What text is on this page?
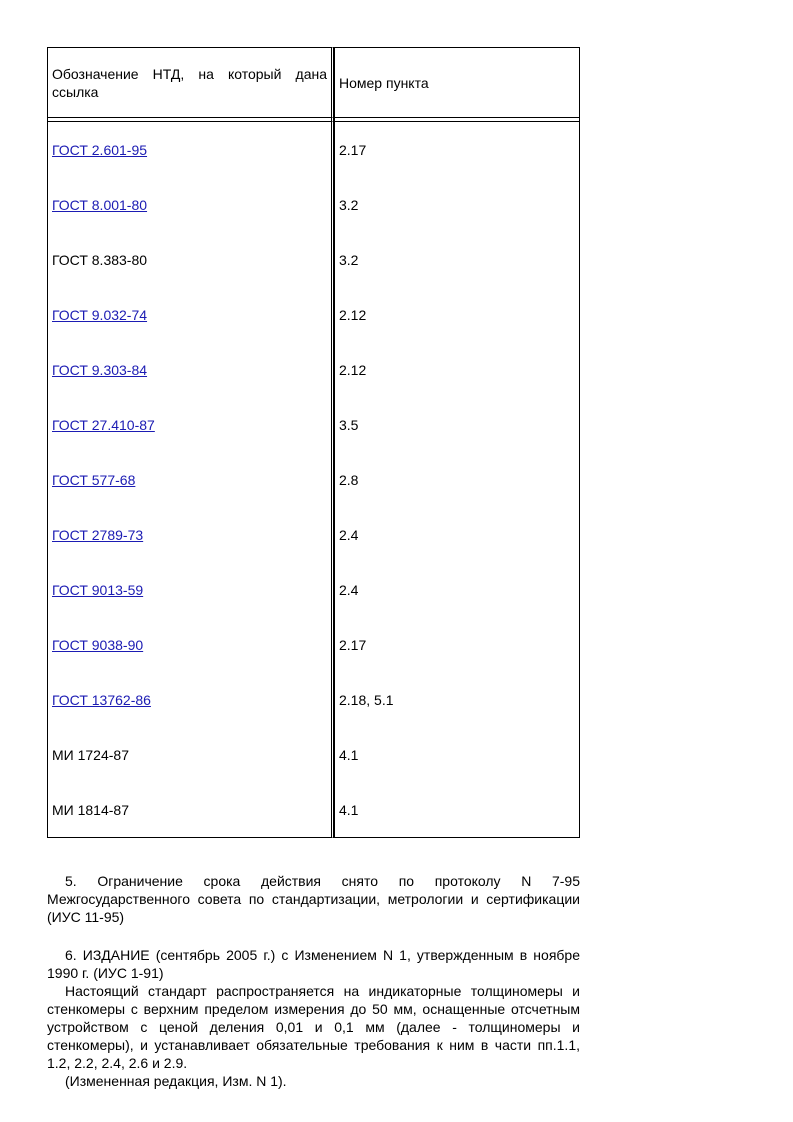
Обозначение НТД, на который дана ссылка	Номер пункта

ГОСТ 2.601-95	2.17
ГОСТ 8.001-80	3.2
ГОСТ 8.383-80	3.2
ГОСТ 9.032-74	2.12
ГОСТ 9.303-84	2.12
ГОСТ 27.410-87	3.5
ГОСТ 577-68	2.8
ГОСТ 2789-73	2.4
ГОСТ 9013-59	2.4
ГОСТ 9038-90	2.17
ГОСТ 13762-86	2.18, 5.1
МИ 1724-87	4.1
МИ 1814-87	4.1

5. Ограничение срока действия снято по протоколу N 7-95 Межгосударственного совета по стандартизации, метрологии и сертификации (ИУС 11-95)

6. ИЗДАНИЕ (сентябрь 2005 г.) с Изменением N 1, утвержденным в ноябре 1990 г. (ИУС 1-91)

Настоящий стандарт распространяется на индикаторные толщиномеры и стенкомеры с верхним пределом измерения до 50 мм, оснащенные отсчетным устройством с ценой деления 0,01 и 0,1 мм (далее - толщиномеры и стенкомеры), и устанавливает обязательные требования к ним в части пп.1.1, 1.2, 2.2, 2.4, 2.6 и 2.9.

(Измененная редакция, Изм. N 1).
